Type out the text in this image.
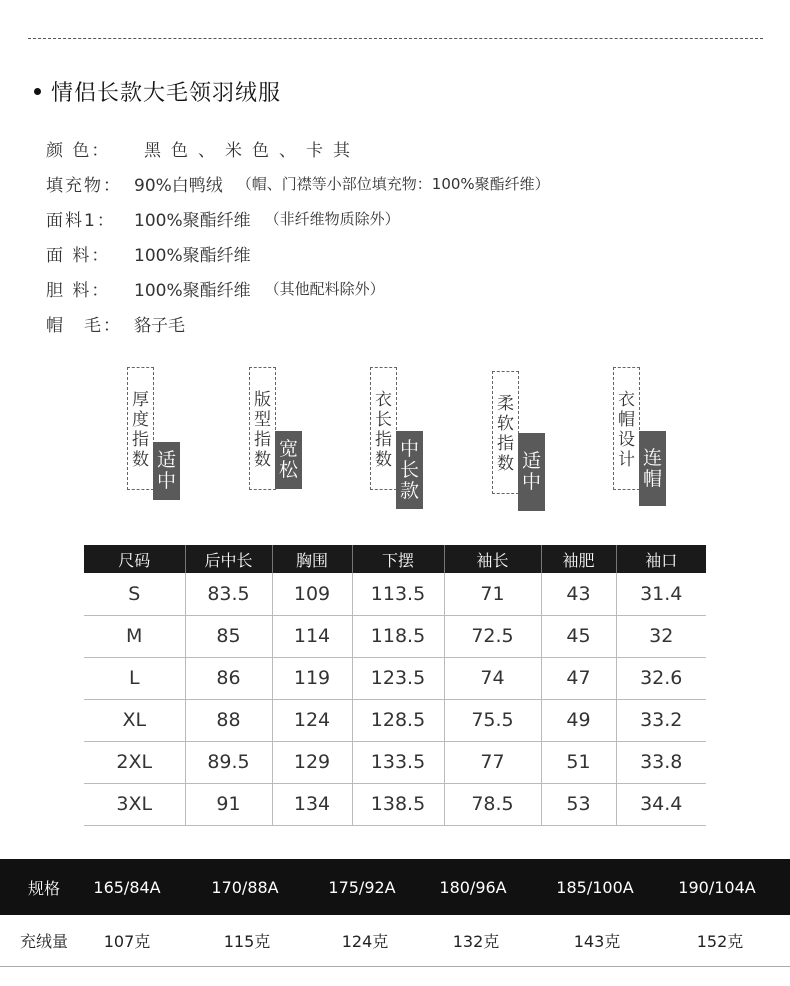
情侣长款大毛领羽绒服
颜 色：	黑色、米色、卡其
填充物： 90%白鸭绒 （帽、门襟等小部位填充物：100%聚酯纤维）
面料1：	100%聚酯纤维 （非纤维物质除外）
面 料：	100%聚酯纤维
胆 料：	100%聚酯纤维 （其他配料除外）
帽　毛： 貉子毛
厚度指数 适中
版型指数 宽松
衣长指数
中长款
柔软指数 适中
衣帽设计 连帽
尺码	后中长	胸围	下摆	袖长	袖肥	袖口
S	83.5	109	113.5	71	43	31.4
M	85	114	118.5	72.5	45	32
L	86	119	123.5	74	47	32.6
XL	88	124	128.5	75.5	49	33.2
2XL	89.5	129	133.5	77	51	33.8
3XL	91	134	138.5	78.5	53	34.4
规格	165/84A	170/88A	175/92A	180/96A	185/100A	190/104A
充绒量	107克	115克	124克	132克	143克	152克
